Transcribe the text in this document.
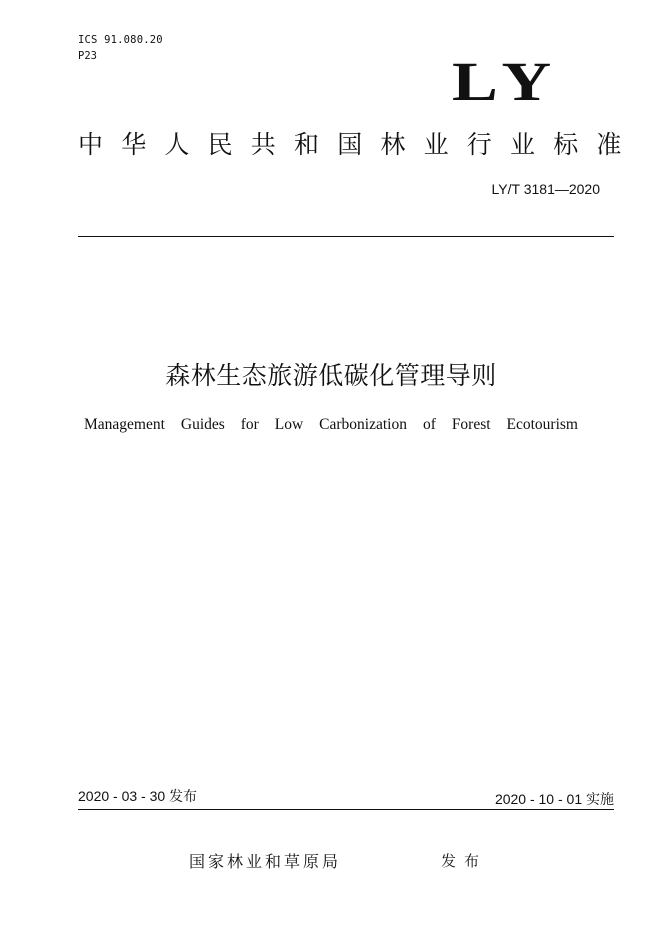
ICS 91.080.20
P23	LY
中华人民共和国林业行业标准
LY/T 3181—2020
森林生态旅游低碳化管理导则
Management Guides for Low Carbonization of Forest Ecotourism
2020 - 03 - 30 发布	2020 - 10 - 01 实施
国家林业和草原局	发布
